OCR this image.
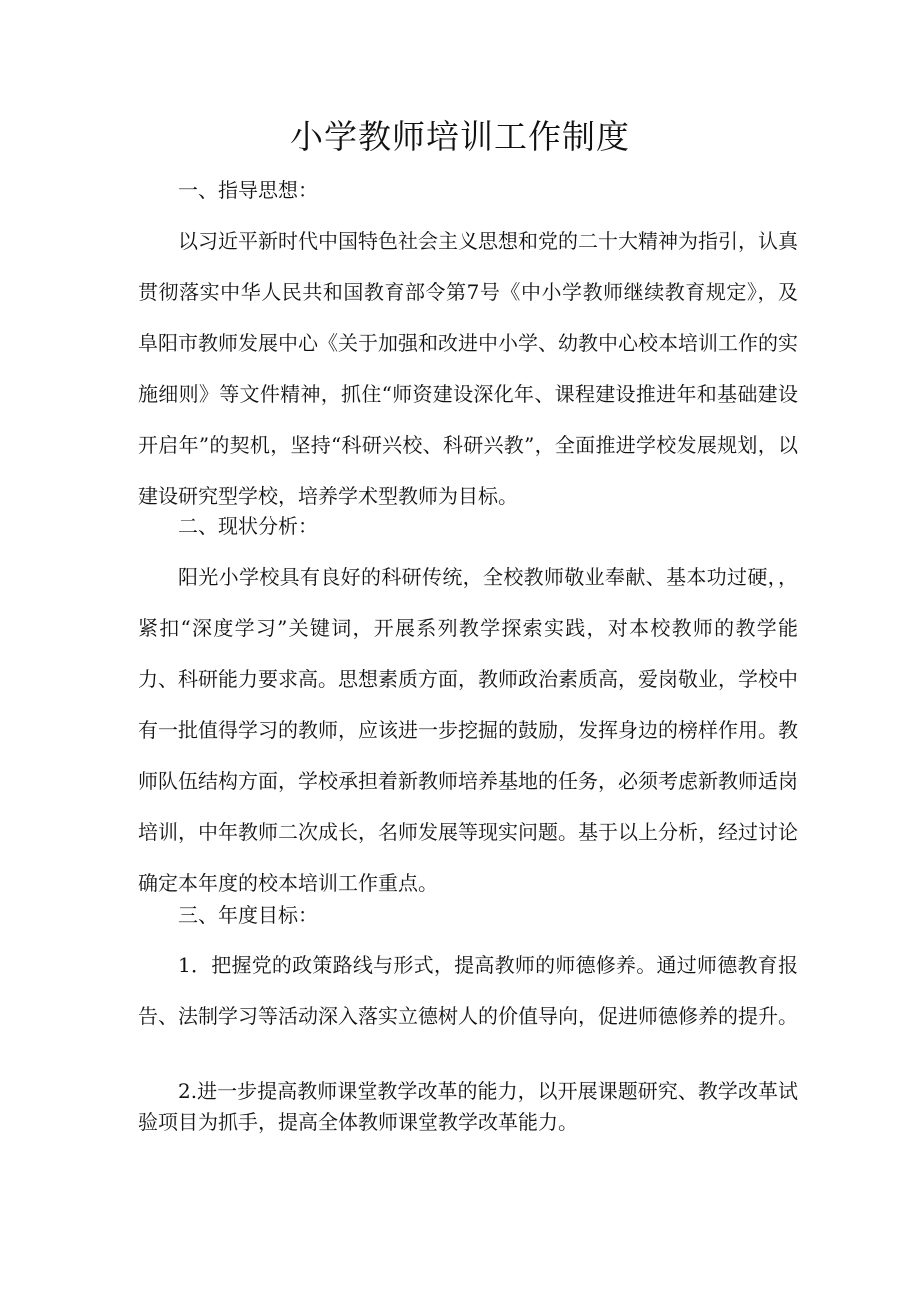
小学教师培训工作制度
一、指导思想：

以习近平新时代中国特色社会主义思想和党的二十大精神为指引，认真贯彻落实中华人民共和国教育部令第7号《中小学教师继续教育规定》，及阜阳市教师发展中心《关于加强和改进中小学、幼教中心校本培训工作的实施细则》等文件精神，抓住“师资建设深化年、课程建设推进年和基础建设开启年”的契机，坚持“科研兴校、科研兴教”，全面推进学校发展规划，以建设研究型学校，培养学术型教师为目标。

二、现状分析：

阳光小学校具有良好的科研传统，全校教师敬业奉献、基本功过硬，，紧扣“深度学习”关键词，开展系列教学探索实践，对本校教师的教学能力、科研能力要求高。思想素质方面，教师政治素质高，爱岗敬业，学校中有一批值得学习的教师，应该进一步挖掘的鼓励，发挥身边的榜样作用。教师队伍结构方面，学校承担着新教师培养基地的任务，必须考虑新教师适岗培训，中年教师二次成长，名师发展等现实问题。基于以上分析，经过讨论确定本年度的校本培训工作重点。

三、年度目标：

1．把握党的政策路线与形式，提高教师的师德修养。通过师德教育报告、法制学习等活动深入落实立德树人的价值导向，促进师德修养的提升。

2.进一步提高教师课堂教学改革的能力，以开展课题研究、教学改革试验项目为抓手，提高全体教师课堂教学改革能力。
